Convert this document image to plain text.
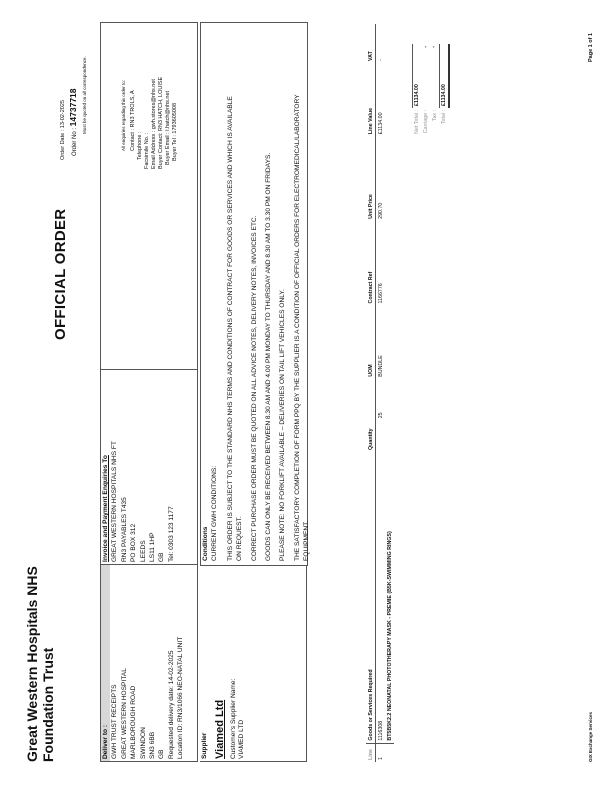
Great Western Hospitals NHS Foundation Trust
OFFICIAL ORDER
Order Date : 13-02-2025
Order No : 14737718 Must be quoted on all correspondence.
Deliver to : GWH TRUST RECEIPTS GREAT WESTERN HOSPITAL MARLBOROUGH ROAD SWINDON SN3 6BB GB Requested delivery date: 14-02-2025 Location ID: RN3/1066 NEO-NATAL UNIT
Invoice and Payment Enquiries To GREAT WESTERN HOSPITALS NHS FT RN3 PAYABLES T435 PO BOX 312 LEEDS LS11 1HP GB Tel: 0303 123 1177
All enquiries regarding this order to: Contact : RN3 TROLS, A Telephone : Facsimile No. : Email Address : gwh.stores@nhs.net Buyer Contact: RN3 HATCH, LOUISE Buyer Email : l.hatch@nhs.net Buyer Tel : 1793605008
Supplier Viamed Ltd Customer's Supplier Name: VIAMED LTD
Conditions CURRENT GWH CONDITIONS: THIS ORDER IS SUBJECT TO THE STANDARD NHS TERMS AND CONDITIONS OF CONTRACT FOR GOODS OR SERVICES AND WHICH IS AVAILABLE ON REQUEST. CORRECT PURCHASE ORDER MUST BE QUOTED ON ALL ADVICE NOTES, DELIVERY NOTES, INVOICES ETC. GOODS CAN ONLY BE RECEIVED BETWEEN 8.30 AM AND 4.00 PM MONDAY TO THURSDAY AND 8.30 AM TO 3.30 PM ON FRIDAYS. PLEASE NOTE: NO FORKLIFT AVAILABLE – DELIVERIES ON TAIL LIFT VEHICLES ONLY. THE SATISFACTORY COMPLETION OF FORM PPQ BY THE SUPPLIER IS A CONDITION OF OFFICIAL ORDERS FOR ELECTROMEDICAL/LABORATORY EQUIPMENT.
Line	Goods or Services Required	Quantity	UOM	Contract Ref	Unit Price	Line Value	VAT
1	1116308	25	BUNDLE	1166776	290.70	£1134.00	-
	BT5B5K2.2 NEONATAL PHOTOTHERAPY MASK - PREMIE (B5K-SWIMMING RINGS)						
Net Total :	£1134.00
Carriage :	-
Tax :	-
Total :	£1134.00
GIX Exchange Services
Page 1 of 1
